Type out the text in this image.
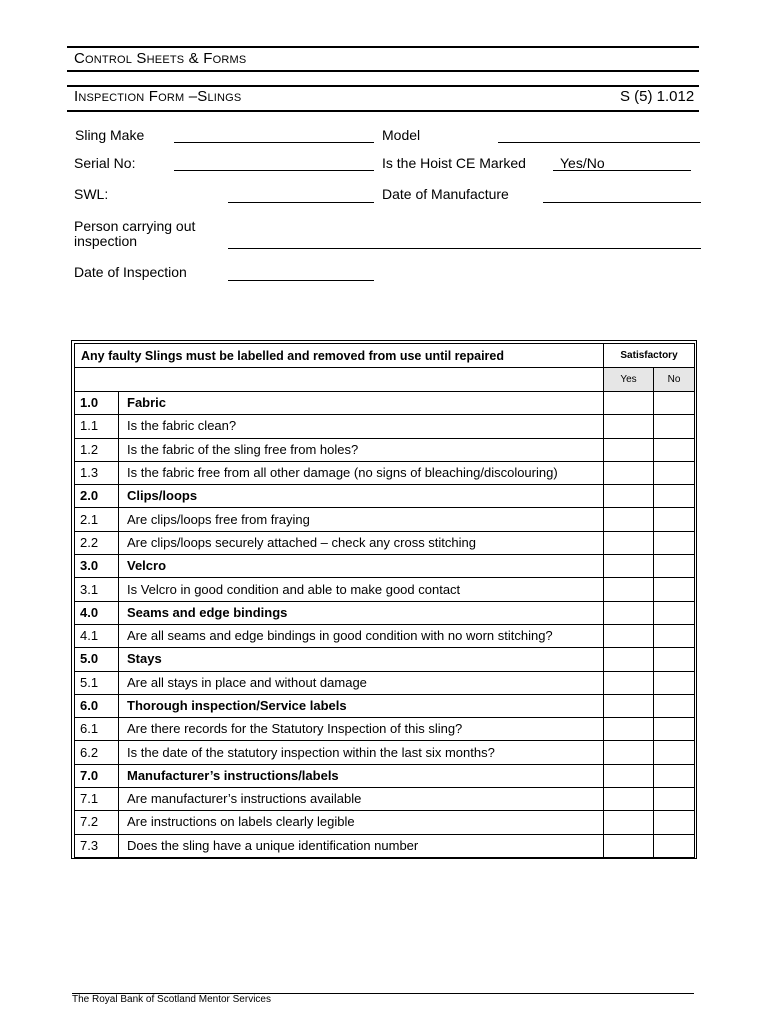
Control Sheets & Forms
Inspection Form –Slings	S (5) 1.012
Sling Make	Model
Serial No:	Is the Hoist CE Marked Yes/No
SWL:	Date of Manufacture
Person carrying out
inspection
Date of Inspection
Any faulty Slings must be labelled and removed from use until repaired		Satisfactory	
		Yes	No
1.0	Fabric		
1.1	Is the fabric clean?		
1.2	Is the fabric of the sling free from holes?		
1.3	Is the fabric free from all other damage (no signs of bleaching/discolouring)		
2.0	Clips/loops		
2.1	Are clips/loops free from fraying		
2.2	Are clips/loops securely attached – check any cross stitching		
3.0	Velcro		
3.1	Is Velcro in good condition and able to make good contact		
4.0	Seams and edge bindings		
4.1	Are all seams and edge bindings in good condition with no worn stitching?		
5.0	Stays		
5.1	Are all stays in place and without damage		
6.0	Thorough inspection/Service labels		
6.1	Are there records for the Statutory Inspection of this sling?		
6.2	Is the date of the statutory inspection within the last six months?		
7.0	Manufacturer’s instructions/labels		
7.1	Are manufacturer’s instructions available		
7.2	Are instructions on labels clearly legible		
7.3	Does the sling have a unique identification number		
The Royal Bank of Scotland Mentor Services
